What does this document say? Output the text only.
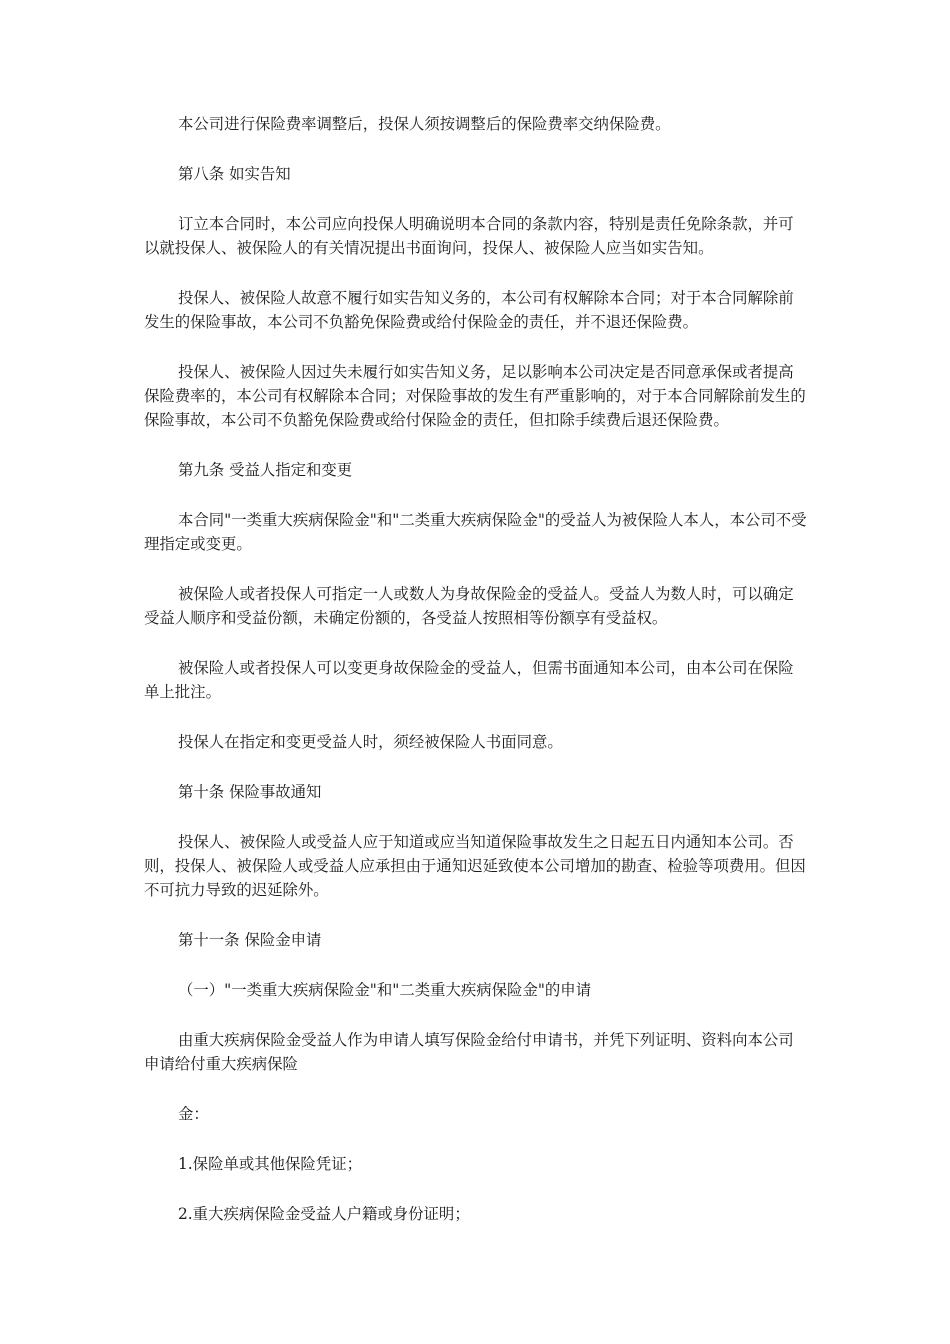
本公司进行保险费率调整后，投保人须按调整后的保险费率交纳保险费。

第八条 如实告知

订立本合同时，本公司应向投保人明确说明本合同的条款内容，特别是责任免除条款，并可以就投保人、被保险人的有关情况提出书面询问，投保人、被保险人应当如实告知。

投保人、被保险人故意不履行如实告知义务的，本公司有权解除本合同；对于本合同解除前发生的保险事故，本公司不负豁免保险费或给付保险金的责任，并不退还保险费。

投保人、被保险人因过失未履行如实告知义务，足以影响本公司决定是否同意承保或者提高保险费率的，本公司有权解除本合同；对保险事故的发生有严重影响的，对于本合同解除前发生的保险事故，本公司不负豁免保险费或给付保险金的责任，但扣除手续费后退还保险费。

第九条 受益人指定和变更

本合同"一类重大疾病保险金"和"二类重大疾病保险金"的受益人为被保险人本人，本公司不受理指定或变更。

被保险人或者投保人可指定一人或数人为身故保险金的受益人。受益人为数人时，可以确定受益人顺序和受益份额，未确定份额的，各受益人按照相等份额享有受益权。

被保险人或者投保人可以变更身故保险金的受益人，但需书面通知本公司，由本公司在保险单上批注。

投保人在指定和变更受益人时，须经被保险人书面同意。

第十条 保险事故通知

投保人、被保险人或受益人应于知道或应当知道保险事故发生之日起五日内通知本公司。否则，投保人、被保险人或受益人应承担由于通知迟延致使本公司增加的勘查、检验等项费用。但因不可抗力导致的迟延除外。

第十一条 保险金申请

（一）"一类重大疾病保险金"和"二类重大疾病保险金"的申请

由重大疾病保险金受益人作为申请人填写保险金给付申请书，并凭下列证明、资料向本公司申请给付重大疾病保险

金：

1.保险单或其他保险凭证；

2.重大疾病保险金受益人户籍或身份证明；
